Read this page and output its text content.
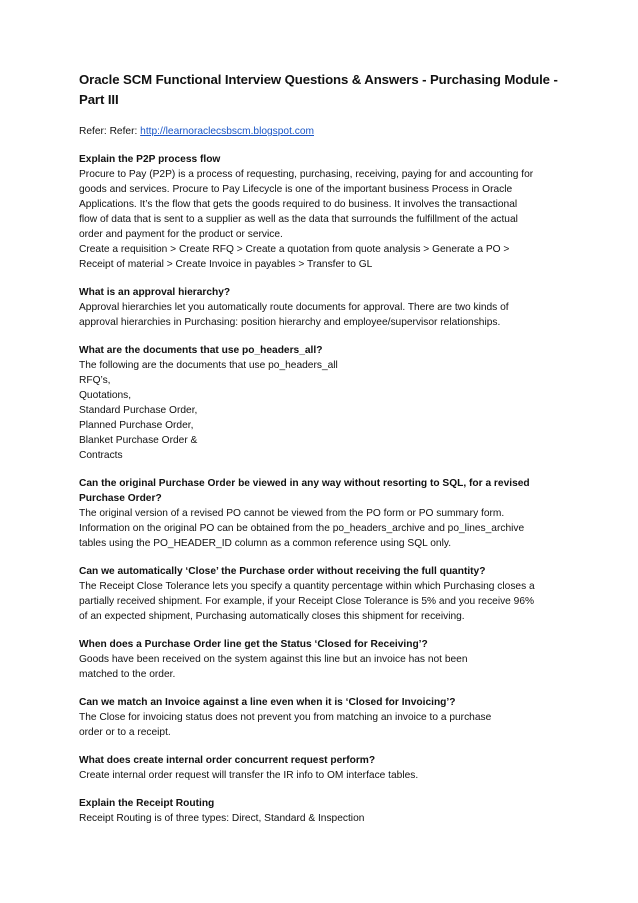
Oracle SCM Functional Interview Questions & Answers - Purchasing Module -
Part III
Refer: Refer: http://learnoraclecsbscm.blogspot.com
Explain the P2P process flow
Procure to Pay (P2P) is a process of requesting, purchasing, receiving, paying for and accounting for
goods and services. Procure to Pay Lifecycle is one of the important business Process in Oracle
Applications. It’s the flow that gets the goods required to do business. It involves the transactional
flow of data that is sent to a supplier as well as the data that surrounds the fulfillment of the actual
order and payment for the product or service.
Create a requisition > Create RFQ > Create a quotation from quote analysis > Generate a PO >
Receipt of material > Create Invoice in payables > Transfer to GL
What is an approval hierarchy?
Approval hierarchies let you automatically route documents for approval. There are two kinds of
approval hierarchies in Purchasing: position hierarchy and employee/supervisor relationships.
What are the documents that use po_headers_all?
The following are the documents that use po_headers_all
RFQ’s,
Quotations,
Standard Purchase Order,
Planned Purchase Order,
Blanket Purchase Order &
Contracts
Can the original Purchase Order be viewed in any way without resorting to SQL, for a revised
Purchase Order?
The original version of a revised PO cannot be viewed from the PO form or PO summary form.
Information on the original PO can be obtained from the po_headers_archive and po_lines_archive
tables using the PO_HEADER_ID column as a common reference using SQL only.
Can we automatically ‘Close’ the Purchase order without receiving the full quantity?
The Receipt Close Tolerance lets you specify a quantity percentage within which Purchasing closes a
partially received shipment. For example, if your Receipt Close Tolerance is 5% and you receive 96%
of an expected shipment, Purchasing automatically closes this shipment for receiving.
When does a Purchase Order line get the Status ‘Closed for Receiving’?
Goods have been received on the system against this line but an invoice has not been
matched to the order.
Can we match an Invoice against a line even when it is ‘Closed for Invoicing’?
The Close for invoicing status does not prevent you from matching an invoice to a purchase
order or to a receipt.
What does create internal order concurrent request perform?
Create internal order request will transfer the IR info to OM interface tables.
Explain the Receipt Routing
Receipt Routing is of three types: Direct, Standard & Inspection
